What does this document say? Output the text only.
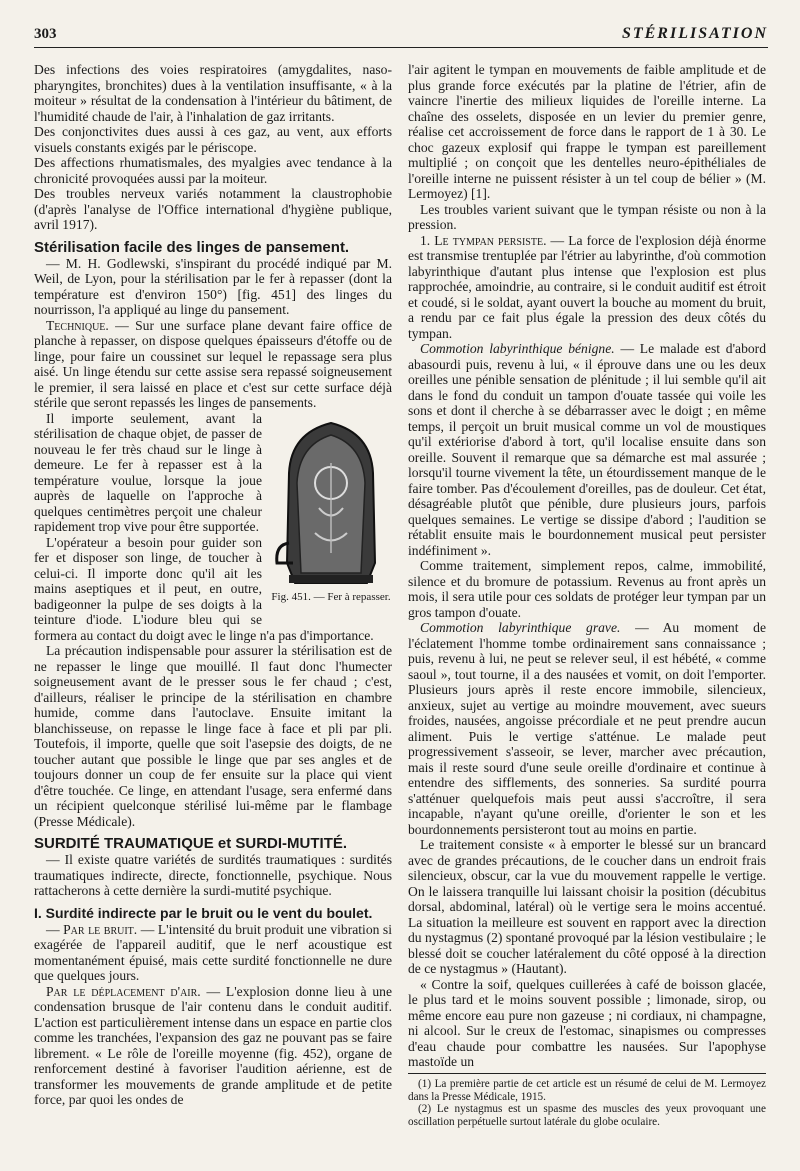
303	STÉRILISATION

Des infections des voies respiratoires (amygdalites, naso-pharyngites, bronchites) dues à la ventilation insuffisante, « à la moiteur » résultat de la condensation à l'intérieur du bâtiment, de l'humidité chaude de l'air, à l'inhalation de gaz irritants.

Des conjonctivites dues aussi à ces gaz, au vent, aux efforts visuels constants exigés par le périscope.

Des affections rhumatismales, des myalgies avec tendance à la chronicité provoquées aussi par la moiteur.

Des troubles nerveux variés notamment la claustrophobie (d'après l'analyse de l'Office international d'hygiène publique, avril 1917).

Stérilisation facile des linges de pansement.

— M. H. Godlewski, s'inspirant du procédé indiqué par M. Weil, de Lyon, pour la stérilisation par le fer à repasser (dont la température est d'environ 150°) [fig. 451] des linges du nourrisson, l'a appliqué au linge du pansement.

Technique. — Sur une surface plane devant faire office de planche à repasser, on dispose quelques épaisseurs d'étoffe ou de linge, pour faire un coussinet sur lequel le repassage sera plus aisé. Un linge étendu sur cette assise sera repassé soigneusement le premier, il sera laissé en place et c'est sur cette surface déjà stérile que seront repassés les linges de pansements.

Fig. 451. — Fer à repasser.

Il importe seulement, avant la stérilisation de chaque objet, de passer de nouveau le fer très chaud sur le linge à demeure. Le fer à repasser est à la température voulue, lorsque la joue auprès de laquelle on l'approche à quelques centimètres perçoit une chaleur rapidement trop vive pour être supportée.

L'opérateur a besoin pour guider son fer et disposer son linge, de toucher à celui-ci. Il importe donc qu'il ait les mains aseptiques et il peut, en outre, badigeonner la pulpe de ses doigts à la teinture d'iode. L'iodure bleu qui se formera au contact du doigt avec le linge n'a pas d'importance.

La précaution indispensable pour assurer la stérilisation est de ne repasser le linge que mouillé. Il faut donc l'humecter soigneusement avant de le presser sous le fer chaud ; c'est, d'ailleurs, réaliser le principe de la stérilisation en chambre humide, comme dans l'autoclave. Ensuite imitant la blanchisseuse, on repasse le linge face à face et pli par pli. Toutefois, il importe, quelle que soit l'asepsie des doigts, de ne toucher autant que possible le linge que par ses angles et de toujours donner un coup de fer ensuite sur la place qui vient d'être touchée. Ce linge, en attendant l'usage, sera enfermé dans un récipient quelconque stérilisé lui-même par le flambage (Presse Médicale).

SURDITÉ TRAUMATIQUE et SURDI-MUTITÉ.

— Il existe quatre variétés de surdités traumatiques : surdités traumatiques indirecte, directe, fonctionnelle, psychique. Nous rattacherons à cette dernière la surdi-mutité psychique.

I. Surdité indirecte par le bruit ou le vent du boulet.

— Par le bruit. — L'intensité du bruit produit une vibration si exagérée de l'appareil auditif, que le nerf acoustique est momentanément épuisé, mais cette surdité fonctionnelle ne dure que quelques jours.

Par le déplacement d'air. — L'explosion donne lieu à une condensation brusque de l'air contenu dans le conduit auditif. L'action est particulièrement intense dans un espace en partie clos comme les tranchées, l'expansion des gaz ne pouvant pas se faire librement. « Le rôle de l'oreille moyenne (fig. 452), organe de renforcement destiné à favoriser l'audition aérienne, est de transformer les mouvements de grande amplitude et de petite force, par quoi les ondes de

l'air agitent le tympan en mouvements de faible amplitude et de plus grande force exécutés par la platine de l'étrier, afin de vaincre l'inertie des milieux liquides de l'oreille interne. La chaîne des osselets, disposée en un levier du premier genre, réalise cet accroissement de force dans le rapport de 1 à 30. Le choc gazeux explosif qui frappe le tympan est pareillement multiplié ; on conçoit que les dentelles neuro-épithéliales de l'oreille interne ne puissent résister à un tel coup de bélier » (M. Lermoyez) [1].

Les troubles varient suivant que le tympan résiste ou non à la pression.

1. Le tympan persiste. — La force de l'explosion déjà énorme est transmise trentuplée par l'étrier au labyrinthe, d'où commotion labyrinthique d'autant plus intense que l'explosion est plus rapprochée, amoindrie, au contraire, si le conduit auditif est étroit et coudé, si le soldat, ayant ouvert la bouche au moment du bruit, a rendu par ce fait plus égale la pression des deux côtés du tympan.

Commotion labyrinthique bénigne. — Le malade est d'abord abasourdi puis, revenu à lui, « il éprouve dans une ou les deux oreilles une pénible sensation de plénitude ; il lui semble qu'il ait dans le fond du conduit un tampon d'ouate tassée qui voile les sons et dont il cherche à se débarrasser avec le doigt ; en même temps, il perçoit un bruit musical comme un vol de moustiques qu'il extériorise d'abord à tort, qu'il localise ensuite dans son oreille. Souvent il remarque que sa démarche est mal assurée ; lorsqu'il tourne vivement la tête, un étourdissement manque de le faire tomber. Pas d'écoulement d'oreilles, pas de douleur. Cet état, désagréable plutôt que pénible, dure plusieurs jours, parfois quelques semaines. Le vertige se dissipe d'abord ; l'audition se rétablit ensuite mais le bourdonnement musical peut persister indéfiniment ».

Comme traitement, simplement repos, calme, immobilité, silence et du bromure de potassium. Revenus au front après un mois, il sera utile pour ces soldats de protéger leur tympan par un gros tampon d'ouate.

Commotion labyrinthique grave. — Au moment de l'éclatement l'homme tombe ordinairement sans connaissance ; puis, revenu à lui, ne peut se relever seul, il est hébété, « comme saoul », tout tourne, il a des nausées et vomit, on doit l'emporter. Plusieurs jours après il reste encore immobile, silencieux, anxieux, sujet au vertige au moindre mouvement, avec sueurs froides, nausées, angoisse précordiale et ne peut prendre aucun aliment. Puis le vertige s'atténue. Le malade peut progressivement s'asseoir, se lever, marcher avec précaution, mais il reste sourd d'une seule oreille d'ordinaire et continue à entendre des sifflements, des sonneries. Sa surdité pourra s'atténuer quelquefois mais peut aussi s'accroître, il sera incapable, n'ayant qu'une oreille, d'orienter le son et les bourdonnements persisteront tout au moins en partie.

Le traitement consiste « à emporter le blessé sur un brancard avec de grandes précautions, de le coucher dans un endroit frais silencieux, obscur, car la vue du mouvement rappelle le vertige. On le laissera tranquille lui laissant choisir la position (décubitus dorsal, abdominal, latéral) où le vertige sera le moins accentué. La situation la meilleure est souvent en rapport avec la direction du nystagmus (2) spontané provoqué par la lésion vestibulaire ; le blessé doit se coucher latéralement du côté opposé à la direction de ce nystagmus » (Hautant).

« Contre la soif, quelques cuillerées à café de boisson glacée, le plus tard et le moins souvent possible ; limonade, sirop, ou même encore eau pure non gazeuse ; ni cordiaux, ni champagne, ni alcool. Sur le creux de l'estomac, sinapismes ou compresses d'eau chaude pour combattre les nausées. Sur l'apophyse mastoïde un

(1) La première partie de cet article est un résumé de celui de M. Lermoyez dans la Presse Médicale, 1915.

(2) Le nystagmus est un spasme des muscles des yeux provoquant une oscillation perpétuelle surtout latérale du globe oculaire.
